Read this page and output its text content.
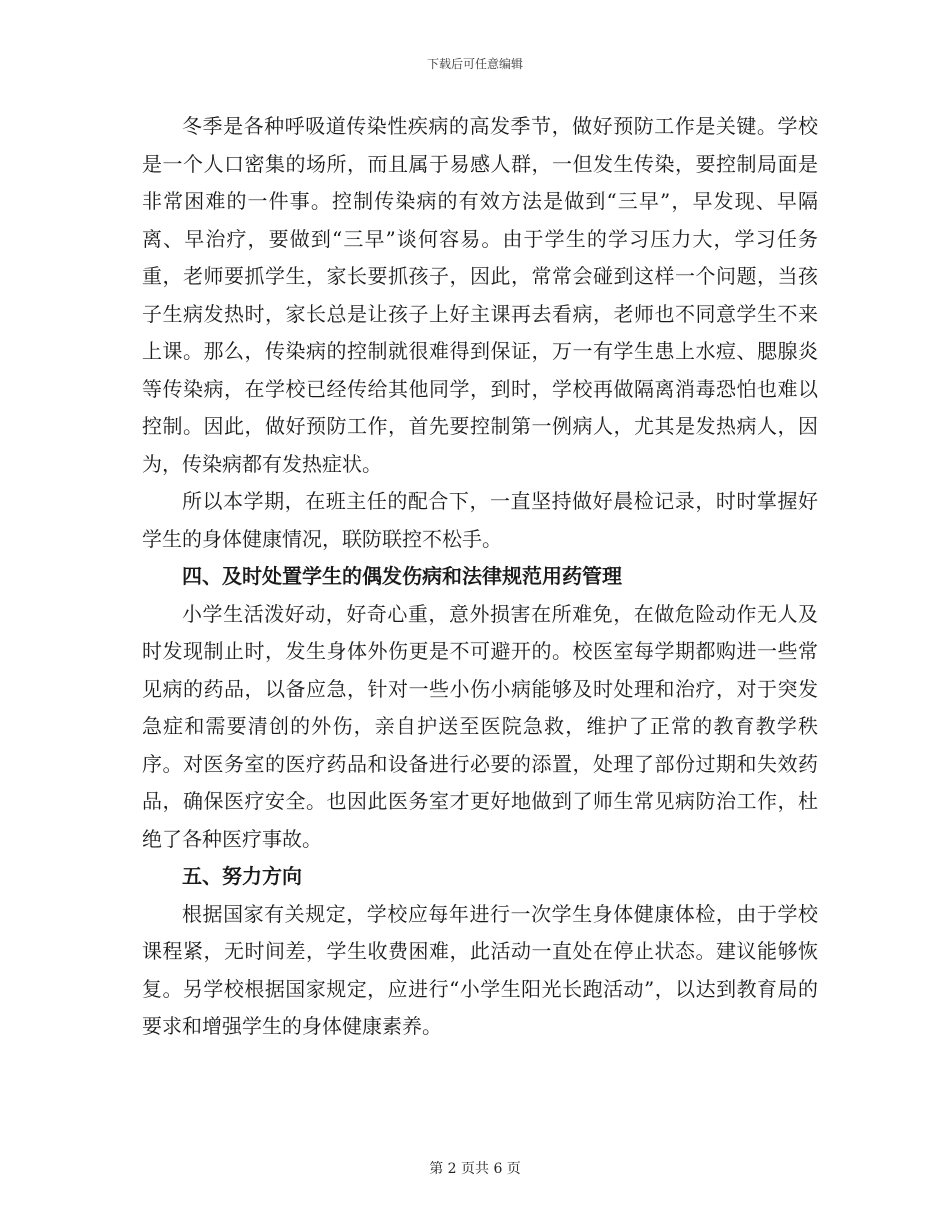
下载后可任意编辑

冬季是各种呼吸道传染性疾病的高发季节，做好预防工作是关键。学校是一个人口密集的场所，而且属于易感人群，一但发生传染，要控制局面是非常困难的一件事。控制传染病的有效方法是做到“三早”，早发现、早隔离、早治疗，要做到“三早”谈何容易。由于学生的学习压力大，学习任务重，老师要抓学生，家长要抓孩子，因此，常常会碰到这样一个问题，当孩子生病发热时，家长总是让孩子上好主课再去看病，老师也不同意学生不来上课。那么，传染病的控制就很难得到保证，万一有学生患上水痘、腮腺炎等传染病，在学校已经传给其他同学，到时，学校再做隔离消毒恐怕也难以控制。因此，做好预防工作，首先要控制第一例病人，尤其是发热病人，因为，传染病都有发热症状。

所以本学期，在班主任的配合下，一直坚持做好晨检记录，时时掌握好学生的身体健康情况，联防联控不松手。

四、及时处置学生的偶发伤病和法律规范用药管理

小学生活泼好动，好奇心重，意外损害在所难免，在做危险动作无人及时发现制止时，发生身体外伤更是不可避开的。校医室每学期都购进一些常见病的药品，以备应急，针对一些小伤小病能够及时处理和治疗，对于突发急症和需要清创的外伤，亲自护送至医院急救，维护了正常的教育教学秩序。对医务室的医疗药品和设备进行必要的添置，处理了部份过期和失效药品，确保医疗安全。也因此医务室才更好地做到了师生常见病防治工作，杜绝了各种医疗事故。

五、努力方向

根据国家有关规定，学校应每年进行一次学生身体健康体检，由于学校课程紧，无时间差，学生收费困难，此活动一直处在停止状态。建议能够恢复。另学校根据国家规定，应进行“小学生阳光长跑活动”，以达到教育局的要求和增强学生的身体健康素养。

第 2 页共 6 页
